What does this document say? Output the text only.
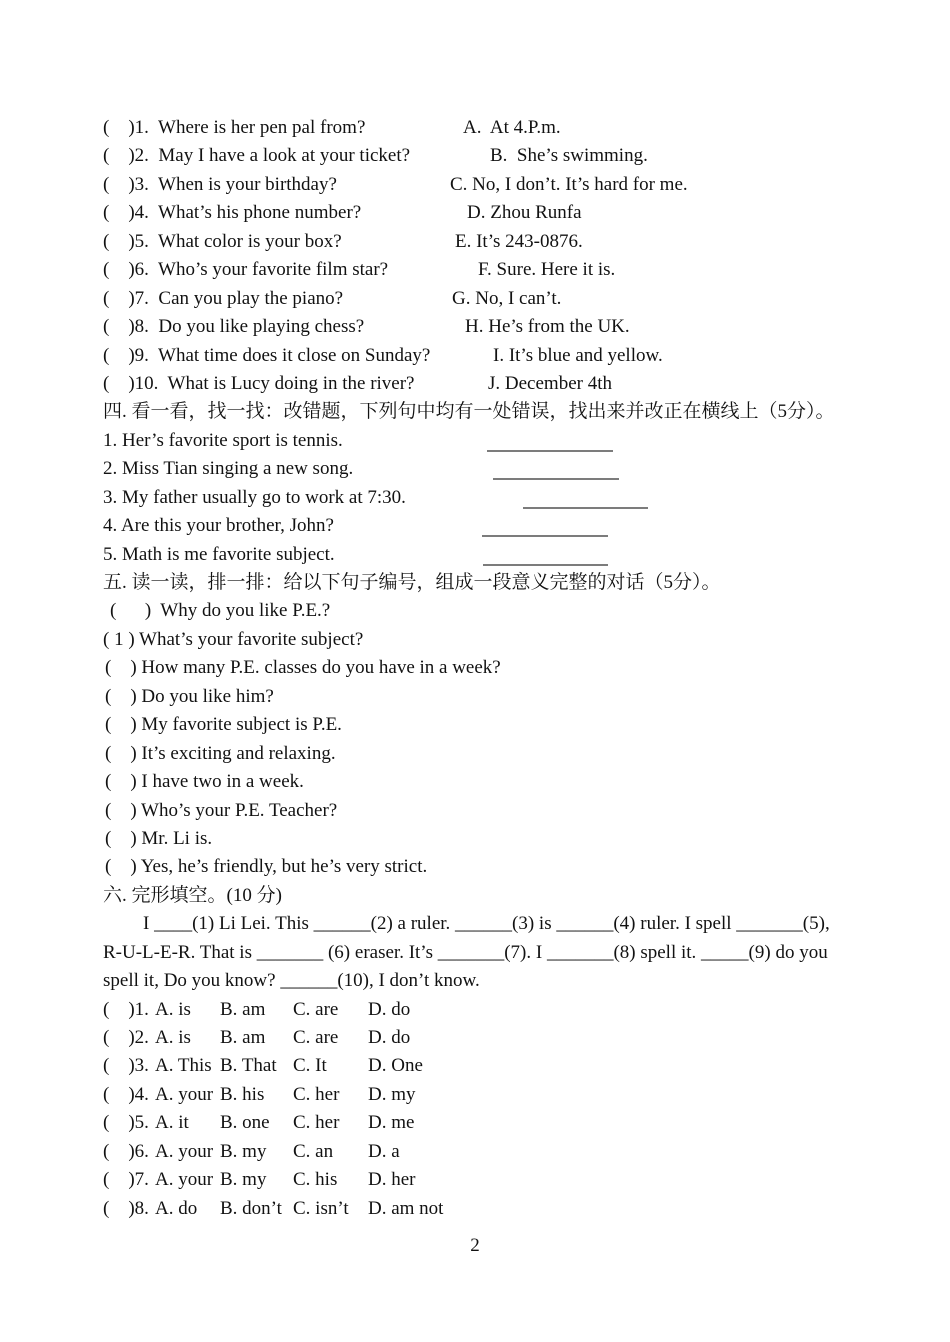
(    )1.  Where is her pen pal from?	A.  At 4.P.m.
(    )2.  May I have a look at your ticket?	B.  She’s swimming.
(    )3.  When is your birthday?	C. No, I don’t. It’s hard for me.
(    )4.  What’s his phone number?	D. Zhou Runfa
(    )5.  What color is your box?	E. It’s 243-0876.
(    )6.  Who’s your favorite film star?	F. Sure. Here it is.
(    )7.  Can you play the piano?	G. No, I can’t.
(    )8.  Do you like playing chess?	H. He’s from the UK.
(    )9.  What time does it close on Sunday?	I. It’s blue and yellow.
(    )10.  What is Lucy doing in the river?	J. December 4th
四. 看一看，找一找：改错题，下列句中均有一处错误，找出来并改正在横线上（5分）。
1. Her’s favorite sport is tennis.
2. Miss Tian singing a new song.
3. My father usually go to work at 7:30.
4. Are this your brother, John?
5. Math is me favorite subject.
五. 读一读，排一排：给以下句子编号，组成一段意义完整的对话（5分）。
(      )  Why do you like P.E.?
( 1 ) What’s your favorite subject?
(    ) How many P.E. classes do you have in a week?
(    ) Do you like him?
(    ) My favorite subject is P.E.
(    ) It’s exciting and relaxing.
(    ) I have two in a week.
(    ) Who’s your P.E. Teacher?
(    ) Mr. Li is.
(    ) Yes, he’s friendly, but he’s very strict.
六. 完形填空。(10 分)
I ____(1) Li Lei. This ______(2) a ruler. ______(3) is ______(4) ruler. I spell _______(5),
R-U-L-E-R. That is _______ (6) eraser. It’s _______(7). I _______(8) spell it. _____(9) do you
spell it, Do you know? ______(10), I don’t know.
(    )1. A. is B. am C. are D. do
(    )2. A. is B. am C. are D. do
(    )3. A. This B. That C. It D. One
(    )4. A. your B. his C. her D. my
(    )5. A. it B. one C. her D. me
(    )6. A. your B. my C. an D. a
(    )7. A. your B. my C. his D. her
(    )8. A. do B. don’t C. isn’t D. am not
2
